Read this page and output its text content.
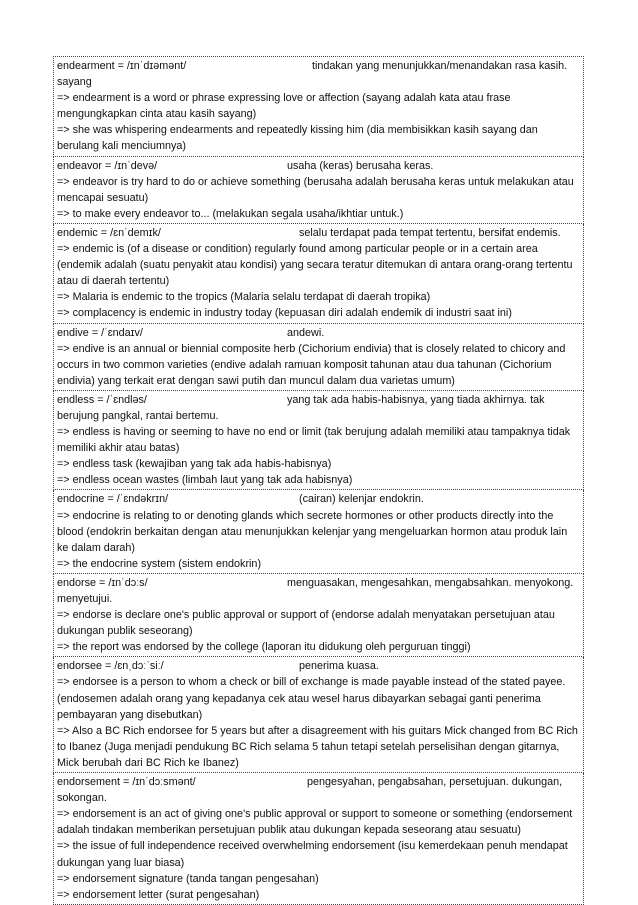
endearment = /ɪnˈdɪəmənt/	tindakan yang menunjukkan/menandakan rasa kasih.

sayang

=> endearment is a word or phrase expressing love or affection (sayang adalah kata atau frase mengungkapkan cinta atau kasih sayang)

=> she was whispering endearments and repeatedly kissing him (dia membisikkan kasih sayang dan berulang kali menciumnya)

endeavor = /ɪnˈdevə/	usaha (keras) berusaha keras.

=> endeavor is try hard to do or achieve something (berusaha adalah berusaha keras untuk melakukan atau mencapai sesuatu)

=> to make every endeavor to... (melakukan segala usaha/ikhtiar untuk.)

endemic = /ɛnˈdemɪk/	selalu terdapat pada tempat tertentu, bersifat endemis.

=> endemic is (of a disease or condition) regularly found among particular people or in a certain area (endemik adalah (suatu penyakit atau kondisi) yang secara teratur ditemukan di antara orang-orang tertentu atau di daerah tertentu)

=> Malaria is endemic to the tropics (Malaria selalu terdapat di daerah tropika)

=> complacency is endemic in industry today (kepuasan diri adalah endemik di industri saat ini)

endive = /ˈɛndaɪv/	andewi.

=> endive is an annual or biennial composite herb (Cichorium endivia) that is closely related to chicory and occurs in two common varieties (endive adalah ramuan komposit tahunan atau dua tahunan (Cichorium endivia) yang terkait erat dengan sawi putih dan muncul dalam dua varietas umum)

endless = /ˈɛndləs/	yang tak ada habis-habisnya, yang tiada akhirnya. tak

berujung pangkal, rantai bertemu.

=> endless is having or seeming to have no end or limit (tak berujung adalah memiliki atau tampaknya tidak memiliki akhir atau batas)

=> endless task (kewajiban yang tak ada habis-habisnya)

=> endless ocean wastes (limbah laut yang tak ada habisnya)

endocrine = /ˈɛndəkrɪn/	(cairan) kelenjar endokrin.

=> endocrine is relating to or denoting glands which secrete hormones or other products directly into the blood (endokrin berkaitan dengan atau menunjukkan kelenjar yang mengeluarkan hormon atau produk lain ke dalam darah)

=> the endocrine system (sistem endokrin)

endorse = /ɪnˈdɔːs/	menguasakan, mengesahkan, mengabsahkan. menyokong.

menyetujui.

=> endorse is declare one's public approval or support of (endorse adalah menyatakan persetujuan atau dukungan publik seseorang)

=> the report was endorsed by the college (laporan itu didukung oleh perguruan tinggi)

endorsee = /ɛnˌdɔːˈsiː/	penerima kuasa.

=> endorsee is a person to whom a check or bill of exchange is made payable instead of the stated payee. (endosemen adalah orang yang kepadanya cek atau wesel harus dibayarkan sebagai ganti penerima pembayaran yang disebutkan)

=> Also a BC Rich endorsee for 5 years but after a disagreement with his guitars Mick changed from BC Rich to Ibanez (Juga menjadi pendukung BC Rich selama 5 tahun tetapi setelah perselisihan dengan gitarnya, Mick berubah dari BC Rich ke Ibanez)

endorsement = /ɪnˈdɔːsmənt/	pengesyahan, pengabsahan, persetujuan. dukungan,

sokongan.

=> endorsement is an act of giving one's public approval or support to someone or something (endorsement adalah tindakan memberikan persetujuan publik atau dukungan kepada seseorang atau sesuatu)

=> the issue of full independence received overwhelming endorsement (isu kemerdekaan penuh mendapat dukungan yang luar biasa)

=> endorsement signature (tanda tangan pengesahan)

=> endorsement letter (surat pengesahan)
